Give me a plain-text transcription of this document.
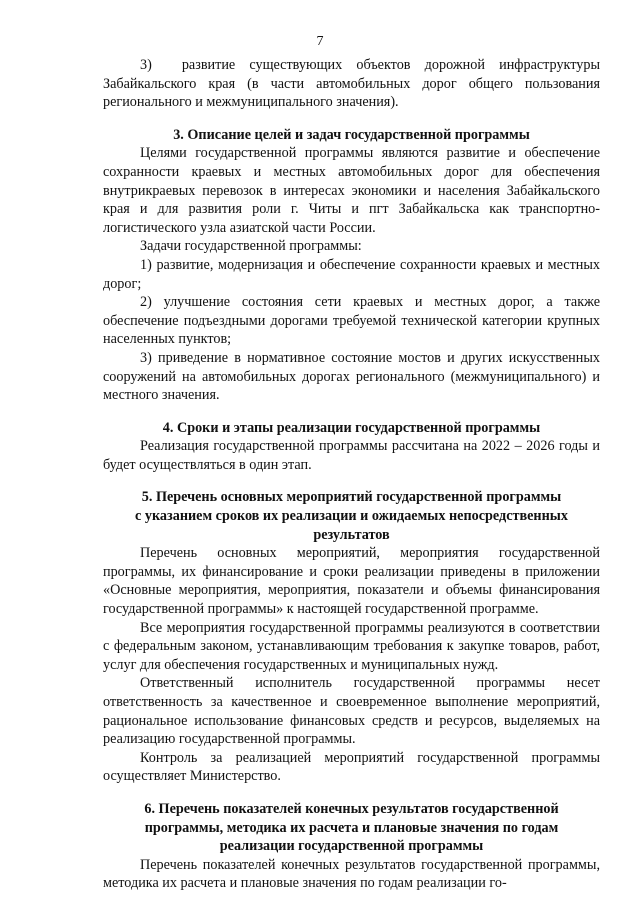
7

3) развитие существующих объектов дорожной инфраструктуры Забайкальского края (в части автомобильных дорог общего пользования регионального и межмуниципального значения).

3. Описание целей и задач государственной программы

Целями государственной программы являются развитие и обеспечение сохранности краевых и местных автомобильных дорог для обеспечения внутрикраевых перевозок в интересах экономики и населения Забайкальского края и для развития роли г. Читы и пгт Забайкальска как транспортно-логистического узла азиатской части России.

Задачи государственной программы:

1) развитие, модернизация и обеспечение сохранности краевых и местных дорог;

2) улучшение состояния сети краевых и местных дорог, а также обеспечение подъездными дорогами требуемой технической категории крупных населенных пунктов;

3) приведение в нормативное состояние мостов и других искусственных сооружений на автомобильных дорогах регионального (межмуниципального) и местного значения.

4. Сроки и этапы реализации государственной программы

Реализация государственной программы рассчитана на 2022 – 2026 годы и будет осуществляться в один этап.

5. Перечень основных мероприятий государственной программы
с указанием сроков их реализации и ожидаемых непосредственных
результатов

Перечень основных мероприятий, мероприятия государственной программы, их финансирование и сроки реализации приведены в приложении «Основные мероприятия, мероприятия, показатели и объемы финансирования государственной программы» к настоящей государственной программе.

Все мероприятия государственной программы реализуются в соответствии с федеральным законом, устанавливающим требования к закупке товаров, работ, услуг для обеспечения государственных и муниципальных нужд.

Ответственный исполнитель государственной программы несет ответственность за качественное и своевременное выполнение мероприятий, рациональное использование финансовых средств и ресурсов, выделяемых на реализацию государственной программы.

Контроль за реализацией мероприятий государственной программы осуществляет Министерство.

6. Перечень показателей конечных результатов государственной
программы, методика их расчета и плановые значения по годам
реализации государственной программы

Перечень показателей конечных результатов государственной программы, методика их расчета и плановые значения по годам реализации го-
